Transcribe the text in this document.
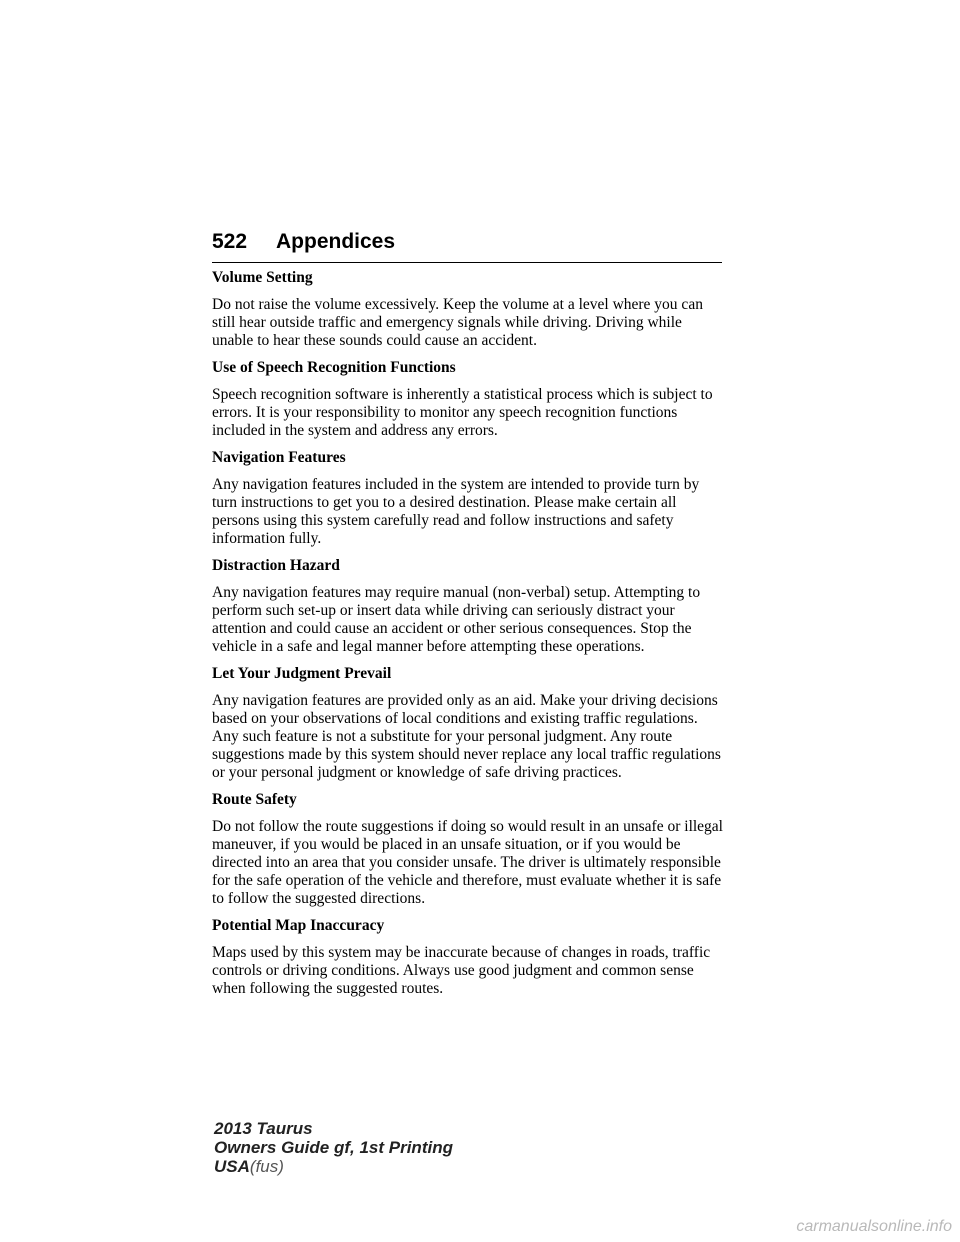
522 Appendices
Volume Setting

Do not raise the volume excessively. Keep the volume at a level where you can still hear outside traffic and emergency signals while driving. Driving while unable to hear these sounds could cause an accident.

Use of Speech Recognition Functions

Speech recognition software is inherently a statistical process which is subject to errors. It is your responsibility to monitor any speech recognition functions included in the system and address any errors.

Navigation Features

Any navigation features included in the system are intended to provide turn by turn instructions to get you to a desired destination. Please make certain all persons using this system carefully read and follow instructions and safety information fully.

Distraction Hazard

Any navigation features may require manual (non-verbal) setup. Attempting to perform such set-up or insert data while driving can seriously distract your attention and could cause an accident or other serious consequences. Stop the vehicle in a safe and legal manner before attempting these operations.

Let Your Judgment Prevail

Any navigation features are provided only as an aid. Make your driving decisions based on your observations of local conditions and existing traffic regulations. Any such feature is not a substitute for your personal judgment. Any route suggestions made by this system should never replace any local traffic regulations or your personal judgment or knowledge of safe driving practices.

Route Safety

Do not follow the route suggestions if doing so would result in an unsafe or illegal maneuver, if you would be placed in an unsafe situation, or if you would be directed into an area that you consider unsafe. The driver is ultimately responsible for the safe operation of the vehicle and therefore, must evaluate whether it is safe to follow the suggested directions.

Potential Map Inaccuracy

Maps used by this system may be inaccurate because of changes in roads, traffic controls or driving conditions. Always use good judgment and common sense when following the suggested routes.

2013 Taurus
Owners Guide gf, 1st Printing
USA(fus)
carmanualsonline.info
